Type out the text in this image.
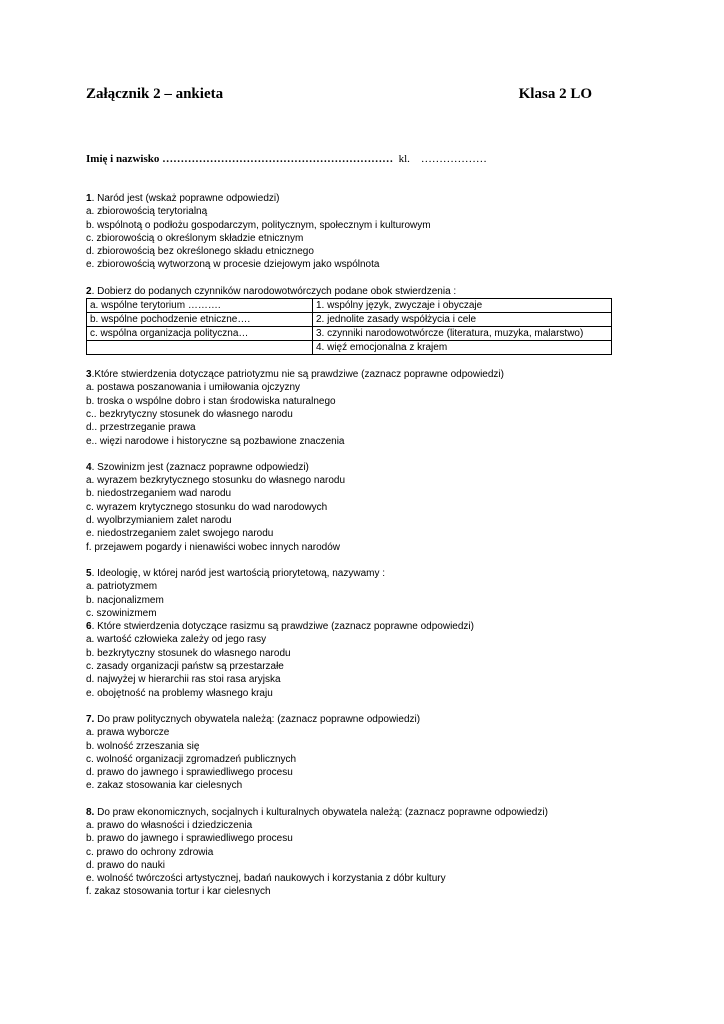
Załącznik 2 – ankieta	Klasa 2 LO
Imię i nazwisko ……………………………………………………… kl. ………………
1. Naród jest (wskaż poprawne odpowiedzi)
a. zbiorowością terytorialną
b. wspólnotą o podłożu gospodarczym, politycznym, społecznym i kulturowym
c. zbiorowością o określonym składzie etnicznym
d. zbiorowością bez określonego składu etnicznego
e. zbiorowością wytworzoną w procesie dziejowym jako wspólnota
2. Dobierz do podanych czynników narodowotwórczych podane obok stwierdzenia :
a. wspólne terytorium ……….	1. wspólny język, zwyczaje i obyczaje
b. wspólne pochodzenie etniczne….	2. jednolite zasady współżycia i cele
c. wspólna organizacja polityczna…	3. czynniki narodowotwórcze (literatura, muzyka, malarstwo)
	4. więź emocjonalna z krajem
3.Które stwierdzenia dotyczące patriotyzmu nie są prawdziwe (zaznacz poprawne odpowiedzi)
a. postawa poszanowania i umiłowania ojczyzny
b. troska o wspólne dobro i stan środowiska naturalnego
c.. bezkrytyczny stosunek do własnego narodu
d.. przestrzeganie prawa
e.. więzi narodowe i historyczne są pozbawione znaczenia
4. Szowinizm jest (zaznacz poprawne odpowiedzi)
a. wyrazem bezkrytycznego stosunku do własnego narodu
b. niedostrzeganiem wad narodu
c. wyrazem krytycznego stosunku do wad narodowych
d. wyolbrzymianiem zalet narodu
e. niedostrzeganiem zalet swojego narodu
f. przejawem pogardy i nienawiści wobec innych narodów
5. Ideologię, w której naród jest wartością priorytetową, nazywamy :
a. patriotyzmem
b. nacjonalizmem
c. szowinizmem
6. Które stwierdzenia dotyczące rasizmu są prawdziwe (zaznacz poprawne odpowiedzi)
a. wartość człowieka zależy od jego rasy
b. bezkrytyczny stosunek do własnego narodu
c. zasady organizacji państw są przestarzałe
d. najwyżej w hierarchii ras stoi rasa aryjska
e. obojętność na problemy własnego kraju
7. Do praw politycznych obywatela należą: (zaznacz poprawne odpowiedzi)
a. prawa wyborcze
b. wolność zrzeszania się
c. wolność organizacji zgromadzeń publicznych
d. prawo do jawnego i sprawiedliwego procesu
e. zakaz stosowania kar cielesnych
8. Do praw ekonomicznych, socjalnych i kulturalnych obywatela należą: (zaznacz poprawne odpowiedzi)
a. prawo do własności i dziedziczenia
b. prawo do jawnego i sprawiedliwego procesu
c. prawo do ochrony zdrowia
d. prawo do nauki
e. wolność twórczości artystycznej, badań naukowych i korzystania z dóbr kultury
f. zakaz stosowania tortur i kar cielesnych
